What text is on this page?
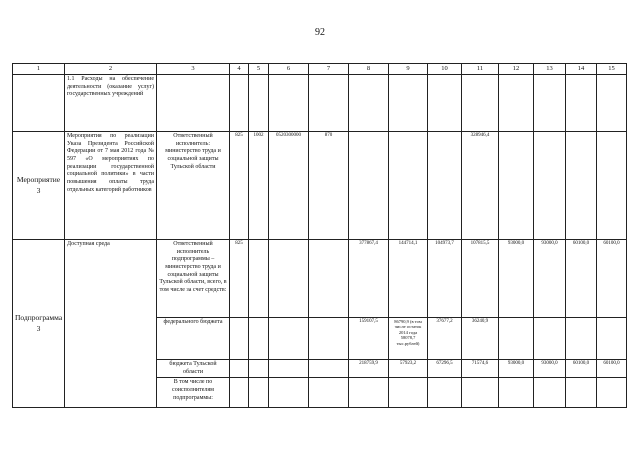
92
1	2	3	4	5	6	7	8	9	10	11	12	13	14	15
	1.1 Расходы на обеспечение деятельности (оказание услуг) государственных учреждений													
Мероприятие 3	Мероприятия по реализации Указа Президента Российской Федерации от 7 мая 2012 года № 597 «О мероприятиях по реализации государственной социальной политики» в части повышения оплаты труда отдельных категорий работников	Ответственный исполнитель: министерство труда и социальной защиты Тульской области	825	1002	0520300000	870				328946,4				
Подпрограмма 3	Доступная среда	Ответственный исполнитель подпрограммы – министерство труда и социальной защиты Тульской области, всего, в том числе за счет средств:	825				377867,4	144714,1	104973,7	107815,5	93000,0	93000,0	60100,0	60100,0
		федерального бюджета					159107,5	86790,9 (в том числе остаток 2014 года 58078,7 тыс.рублей)	37677,2	36240,9				
		бюджета Тульской области					218759,9	57923,2	67296,5	71574,6	93000,0	93000,0	60100,0	60100,0
		В том числе по соисполнителям подпрограммы:												
